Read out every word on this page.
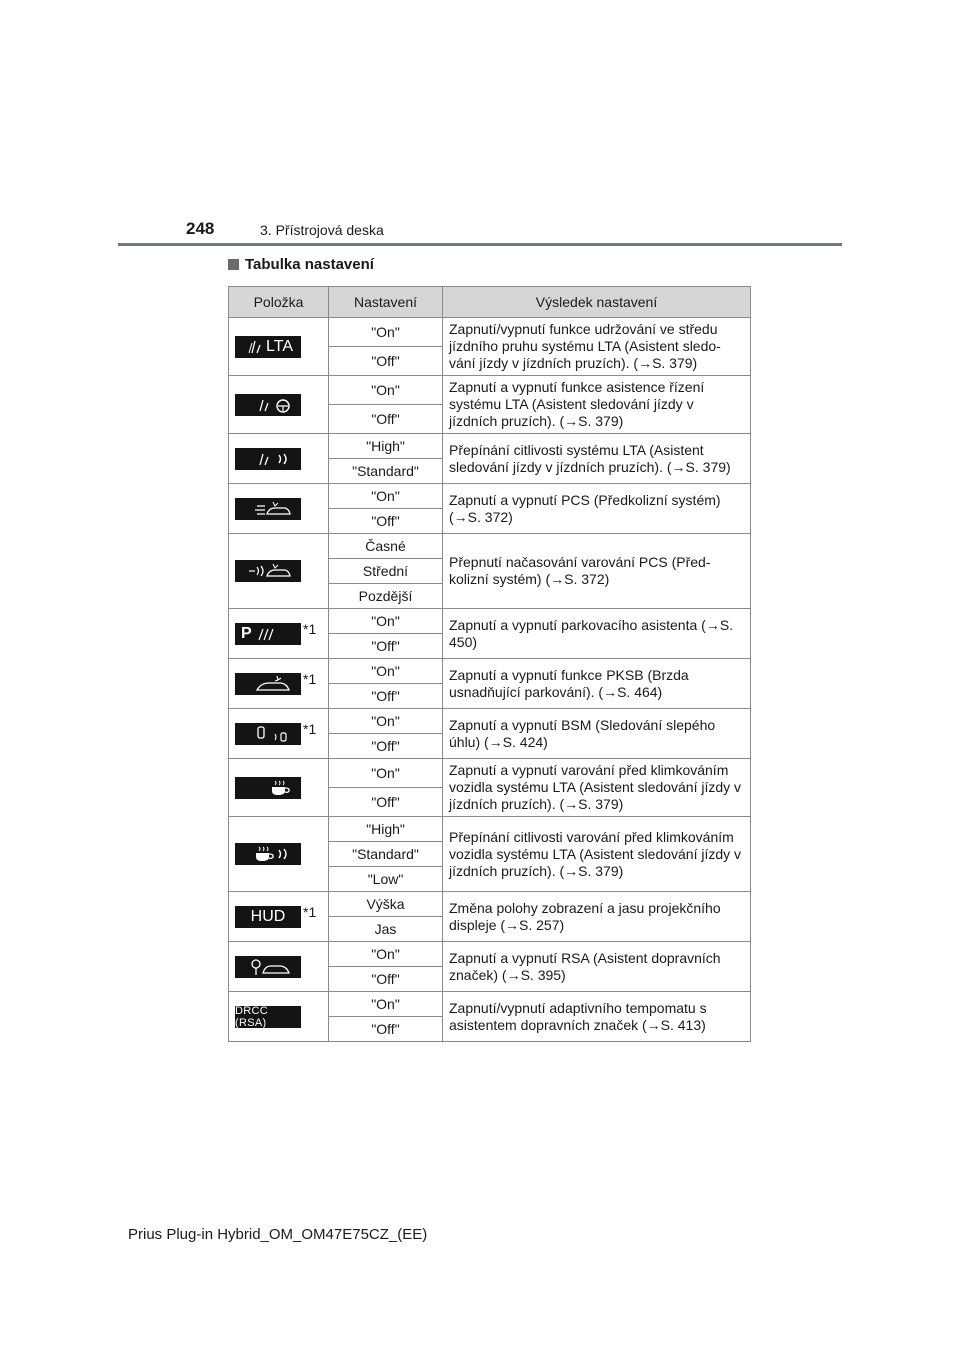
248	3. Přístrojová deska
Tabulka nastavení
Položka	Nastavení	Výsledek nastavení

LTA	"On"	Zapnutí/vypnutí funkce udržování ve středu jízdního pruhu systému LTA (Asistent sledo-vání jízdy v jízdních pruzích). (→S. 379)
	"Off"	

	"On"	Zapnutí a vypnutí funkce asistence řízení systému LTA (Asistent sledování jízdy v jízdních pruzích). (→S. 379)
	"Off"	

	"High"	Přepínání citlivosti systému LTA (Asistent sledování jízdy v jízdních pruzích). (→S. 379)
	"Standard"	

	"On"	Zapnutí a vypnutí PCS (Předkolizní systém) (→S. 372)
	"Off"	

	Časné	Přepnutí načasování varování PCS (Před-kolizní systém) (→S. 372)
	Střední	
	Pozdější	

P *1	"On"	Zapnutí a vypnutí parkovacího asistenta (→S. 450)
	"Off"	

*1	"On"	Zapnutí a vypnutí funkce PKSB (Brzda usnadňující parkování). (→S. 464)
	"Off"	

*1	"On"	Zapnutí a vypnutí BSM (Sledování slepého úhlu) (→S. 424)
	"Off"	

	"On"	Zapnutí a vypnutí varování před klimkováním vozidla systému LTA (Asistent sledování jízdy v jízdních pruzích). (→S. 379)
	"Off"	

	"High"	Přepínání citlivosti varování před klimkováním vozidla systému LTA (Asistent sledování jízdy v jízdních pruzích). (→S. 379)
	"Standard"	
	"Low"	

HUD *1	Výška	Změna polohy zobrazení a jasu projekčního displeje (→S. 257)
	Jas	

	"On"	Zapnutí a vypnutí RSA (Asistent dopravních značek) (→S. 395)
	"Off"	

DRCC (RSA)	"On"	Zapnutí/vypnutí adaptivního tempomatu s asistentem dopravních značek (→S. 413)
	"Off"	
Prius Plug-in Hybrid_OM_OM47E75CZ_(EE)
